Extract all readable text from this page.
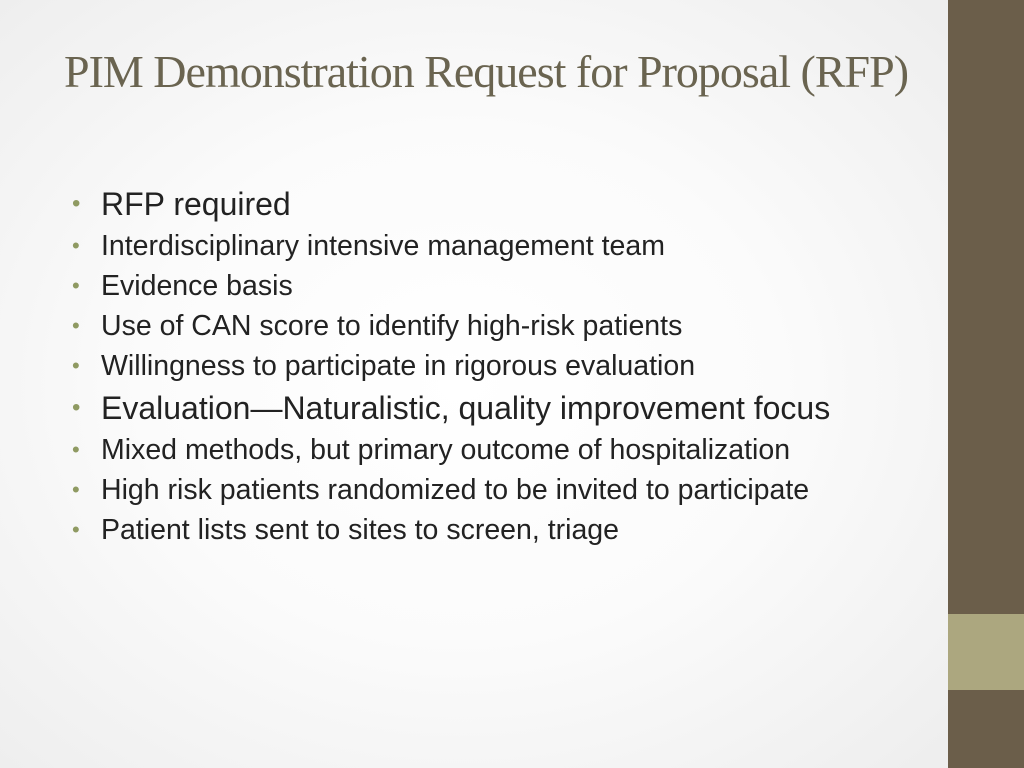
PIM Demonstration Request for Proposal (RFP)
• RFP required
• Interdisciplinary intensive management team
• Evidence basis
• Use of CAN score to identify high-risk patients
• Willingness to participate in rigorous evaluation
• Evaluation—Naturalistic, quality improvement focus
• Mixed methods, but primary outcome of hospitalization
• High risk patients randomized to be invited to participate
• Patient lists sent to sites to screen, triage
